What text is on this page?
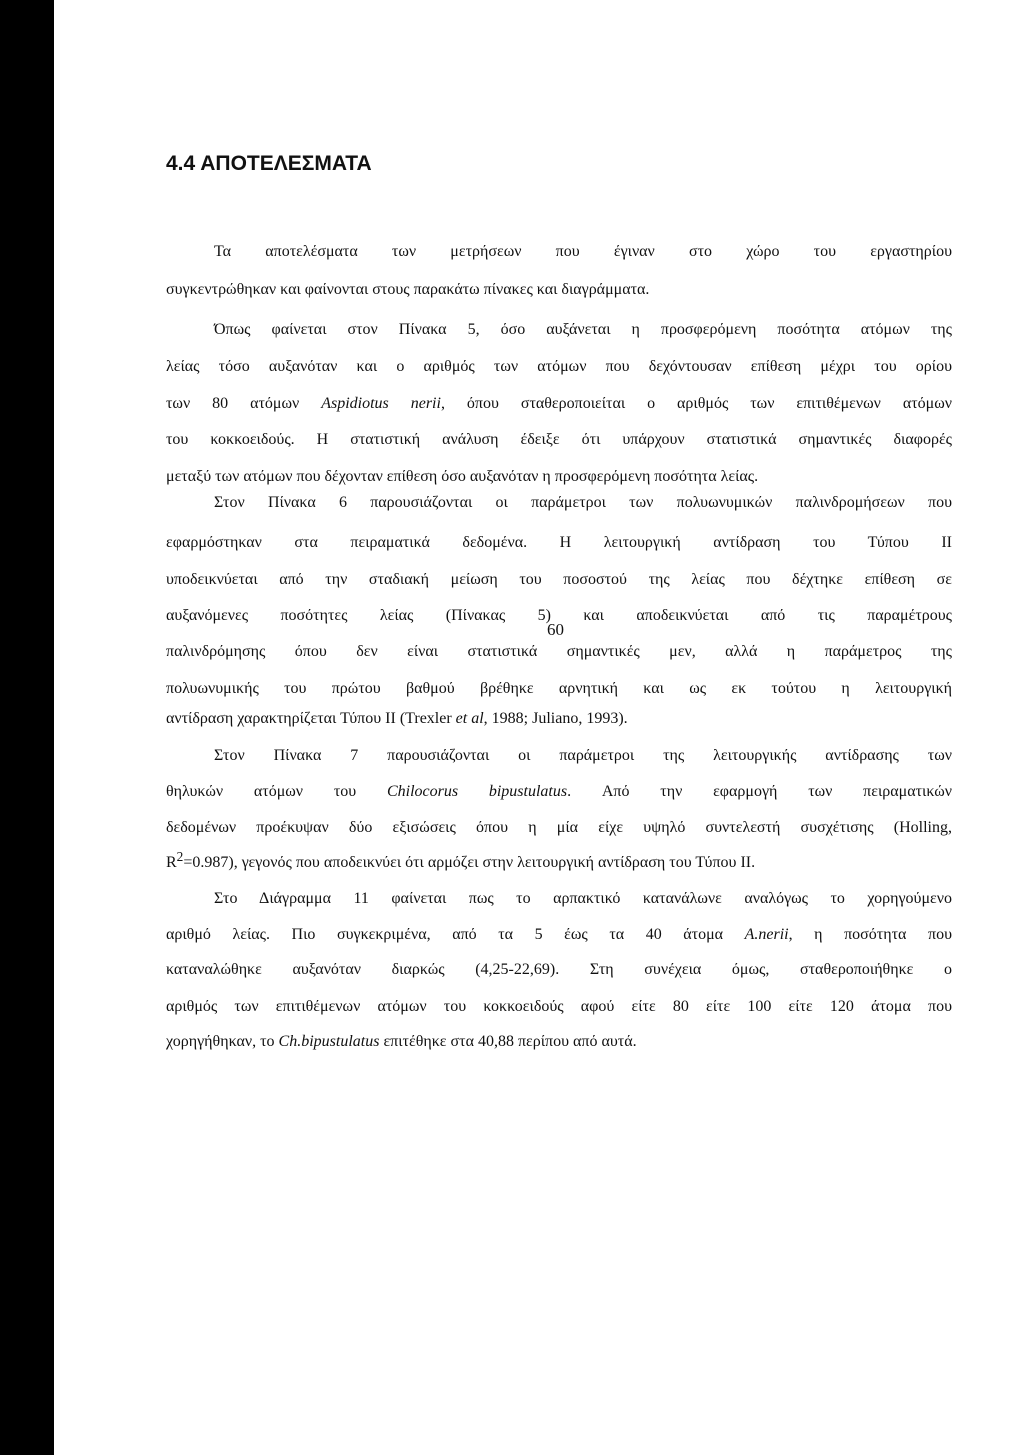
4.4 ΑΠΟΤΕΛΕΣΜΑΤΑ
Τα αποτελέσματα των μετρήσεων που έγιναν στο χώρο του εργαστηρίου
συγκεντρώθηκαν και φαίνονται στους παρακάτω πίνακες και διαγράμματα.
Όπως φαίνεται στον Πίνακα 5, όσο αυξάνεται η προσφερόμενη ποσότητα ατόμων της
λείας τόσο αυξανόταν και ο αριθμός των ατόμων που δεχόντουσαν επίθεση μέχρι του ορίου
των 80 ατόμων Aspidiotus nerii, όπου σταθεροποιείται ο αριθμός των επιτιθέμενων ατόμων
του κοκκοειδούς. Η στατιστική ανάλυση έδειξε ότι υπάρχουν στατιστικά σημαντικές διαφορές
μεταξύ των ατόμων που δέχονταν επίθεση όσο αυξανόταν η προσφερόμενη ποσότητα λείας.
Στον Πίνακα 6 παρουσιάζονται οι παράμετροι των πολυωνυμικών παλινδρομήσεων που
εφαρμόστηκαν στα πειραματικά δεδομένα. Η λειτουργική αντίδραση του Τύπου II
υποδεικνύεται από την σταδιακή μείωση του ποσοστού της λείας που δέχτηκε επίθεση σε
αυξανόμενες ποσότητες λείας (Πίνακας 5) και αποδεικνύεται από τις παραμέτρους
παλινδρόμησης όπου δεν είναι στατιστικά σημαντικές μεν, αλλά η παράμετρος της
πολυωνυμικής του πρώτου βαθμού βρέθηκε αρνητική και ως εκ τούτου η λειτουργική
αντίδραση χαρακτηρίζεται Τύπου II (Trexler et al, 1988; Juliano, 1993).
Στον Πίνακα 7 παρουσιάζονται οι παράμετροι της λειτουργικής αντίδρασης των
θηλυκών ατόμων του Chilocorus bipustulatus. Από την εφαρμογή των πειραματικών
δεδομένων προέκυψαν δύο εξισώσεις όπου η μία είχε υψηλό συντελεστή συσχέτισης (Holling,
$R^2=0.987$), γεγονός που αποδεικνύει ότι αρμόζει στην λειτουργική αντίδραση του Τύπου II.
Στο Διάγραμμα 11 φαίνεται πως το αρπακτικό κατανάλωνε αναλόγως το χορηγούμενο
αριθμό λείας. Πιο συγκεκριμένα, από τα 5 έως τα 40 άτομα A.nerii, η ποσότητα που
καταναλώθηκε αυξανόταν διαρκώς (4,25-22,69). Στη συνέχεια όμως, σταθεροποιήθηκε ο
αριθμός των επιτιθέμενων ατόμων του κοκκοειδούς αφού είτε 80 είτε 100 είτε 120 άτομα που
χορηγήθηκαν, το Ch.bipustulatus επιτέθηκε στα 40,88 περίπου από αυτά.
60
